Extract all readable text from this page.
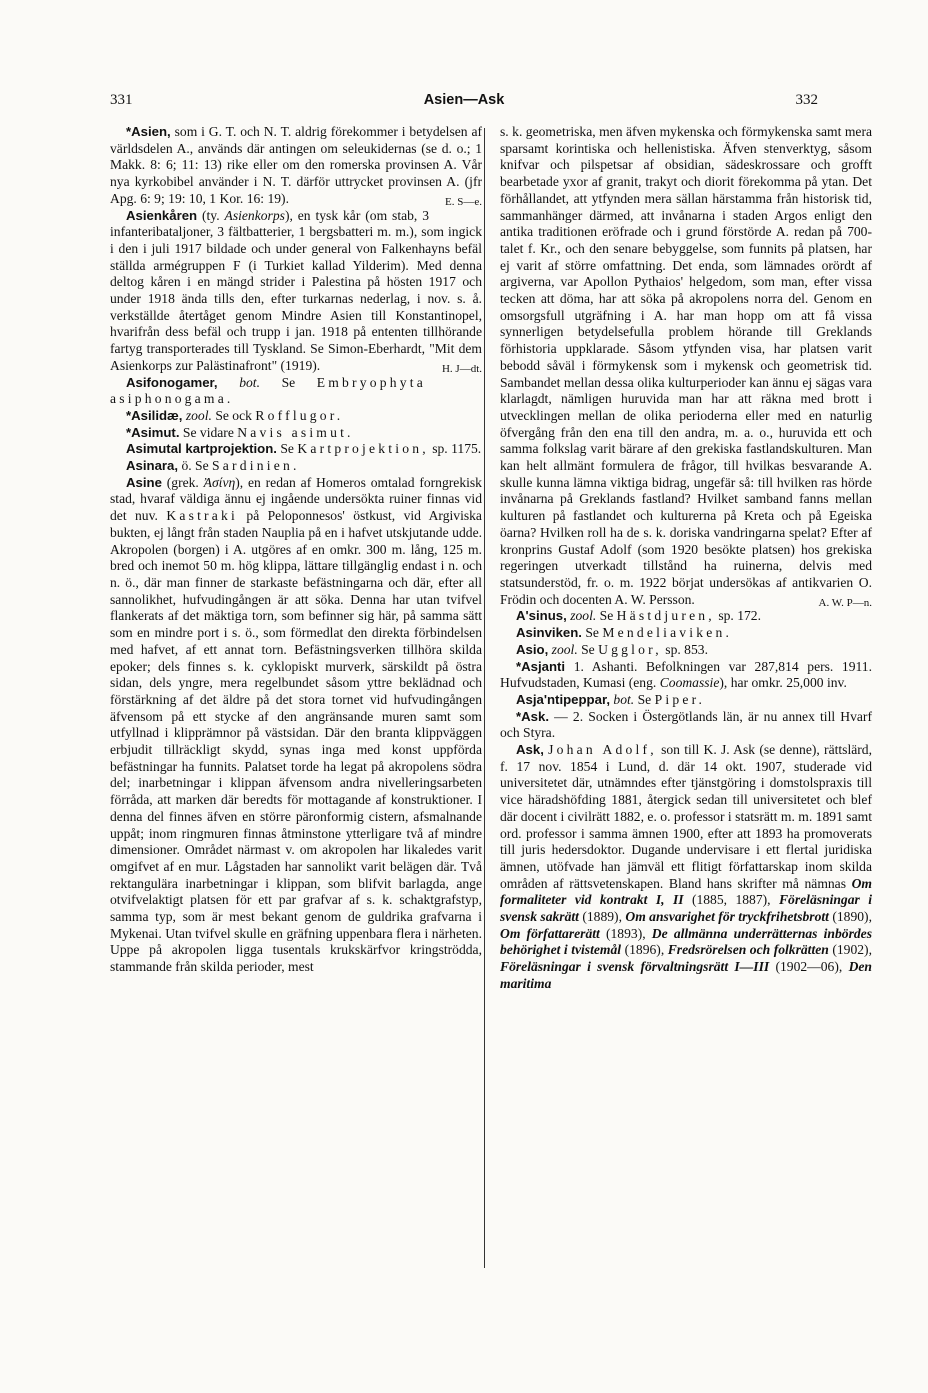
331	Asien—Ask	332

*Asien, som i G. T. och N. T. aldrig förekommer i betydelsen af världsdelen A., används där antingen om seleukidernas (se d. o.; 1 Makk. 8: 6; 11: 13) rike eller om den romerska provinsen A. Vår nya kyrkobibel använder i N. T. därför uttrycket provinsen A. (jfr Apg. 6: 9; 19: 10, 1 Kor. 16: 19).	E. S—e.

Asienkåren (ty. Asienkorps), en tysk kår (om stab, 3 infanteribataljoner, 3 fältbatterier, 1 bergsbatteri m. m.), som ingick i den i juli 1917 bildade och under general von Falkenhayns befäl ställda armégruppen F (i Turkiet kallad Yilderim). Med denna deltog kåren i en mängd strider i Palestina på hösten 1917 och under 1918 ända tills den, efter turkarnas nederlag, i nov. s. å. verkställde återtåget genom Mindre Asien till Konstantinopel, hvarifrån dess befäl och trupp i jan. 1918 på ententen tillhörande fartyg transporterades till Tyskland. Se Simon-Eberhardt, "Mit dem Asienkorps zur Palästinafront" (1919).	H. J—dt.

Asifonogamer, bot. Se Embryophyta asiphonogama.

*Asilidæ, zool. Se ock Rofflugor.

*Asimut. Se vidare Navis asimut.

Asimutal kartprojektion. Se Kartprojektion, sp. 1175.

Asinara, ö. Se Sardinien.

Asine (grek. Ἀσίνη), en redan af Homeros omtalad forngrekisk stad, hvaraf väldiga ännu ej ingående undersökta ruiner finnas vid det nuv. Kastraki på Peloponnesos' östkust, vid Argiviska bukten, ej långt från staden Nauplia på en i hafvet utskjutande udde. Akropolen (borgen) i A. utgöres af en omkr. 300 m. lång, 125 m. bred och inemot 50 m. hög klippa, lättare tillgänglig endast i n. och n. ö., där man finner de starkaste befästningarna och där, efter all sannolikhet, hufvudingången är att söka. Denna har utan tvifvel flankerats af det mäktiga torn, som befinner sig här, på samma sätt som en mindre port i s. ö., som förmedlat den direkta förbindelsen med hafvet, af ett annat torn. Befästningsverken tillhöra skilda epoker; dels finnes s. k. cyklopiskt murverk, särskildt på östra sidan, dels yngre, mera regelbundet såsom yttre beklädnad och förstärkning af det äldre på det stora tornet vid hufvudingången äfvensom på ett stycke af den angränsande muren samt som utfyllnad i klipprämnor på västsidan. Där den branta klippväggen erbjudit tillräckligt skydd, synas inga med konst uppförda befästningar ha funnits. Palatset torde ha legat på akropolens södra del; inarbetningar i klippan äfvensom andra nivelleringsarbeten förråda, att marken där beredts för mottagande af konstruktioner. I denna del finnes äfven en större päronformig cistern, afsmalnande uppåt; inom ringmuren finnas åtminstone ytterligare två af mindre dimensioner. Området närmast v. om akropolen har likaledes varit omgifvet af en mur. Lågstaden har sannolikt varit belägen där. Två rektangulära inarbetningar i klippan, som blifvit barlagda, ange otvifvelaktigt platsen för ett par grafvar af s. k. schaktgrafstyp, samma typ, som är mest bekant genom de guldrika grafvarna i Mykenai. Utan tvifvel skulle en gräfning uppenbara flera i närheten. Uppe på akropolen ligga tusentals krukskärfvor kringströdda, stammande från skilda perioder, mest

s. k. geometriska, men äfven mykenska och förmykenska samt mera sparsamt korintiska och hellenistiska. Äfven stenverktyg, såsom knifvar och pilspetsar af obsidian, sädeskrossare och grofft bearbetade yxor af granit, trakyt och diorit förekomma på ytan. Det förhållandet, att ytfynden mera sällan härstamma från historisk tid, sammanhänger därmed, att invånarna i staden Argos enligt den antika traditionen eröfrade och i grund förstörde A. redan på 700-talet f. Kr., och den senare bebyggelse, som funnits på platsen, har ej varit af större omfattning. Det enda, som lämnades orördt af argiverna, var Apollon Pythaios' helgedom, som man, efter vissa tecken att döma, har att söka på akropolens norra del. Genom en omsorgsfull utgräfning i A. har man hopp om att få vissa synnerligen betydelsefulla problem hörande till Greklands förhistoria uppklarade. Såsom ytfynden visa, har platsen varit bebodd såväl i förmykensk som i mykensk och geometrisk tid. Sambandet mellan dessa olika kulturperioder kan ännu ej sägas vara klarlagdt, nämligen huruvida man har att räkna med brott i utvecklingen mellan de olika perioderna eller med en naturlig öfvergång från den ena till den andra, m. a. o., huruvida ett och samma folkslag varit bärare af den grekiska fastlandskulturen. Man kan helt allmänt formulera de frågor, till hvilkas besvarande A. skulle kunna lämna viktiga bidrag, ungefär så: till hvilken ras hörde invånarna på Greklands fastland? Hvilket samband fanns mellan kulturen på fastlandet och kulturerna på Kreta och på Egeiska öarna? Hvilken roll ha de s. k. doriska vandringarna spelat? Efter af kronprins Gustaf Adolf (som 1920 besökte platsen) hos grekiska regeringen utverkadt tillstånd ha ruinerna, delvis med statsunderstöd, fr. o. m. 1922 börjat undersökas af antikvarien O. Frödin och docenten A. W. Persson.	A. W. P—n.

A'sinus, zool. Se Hästdjuren, sp. 172.

Asinviken. Se Mendeliaviken.

Asio, zool. Se Ugglor, sp. 853.

*Asjanti 1. Ashanti. Befolkningen var 287,814 pers. 1911. Hufvudstaden, Kumasi (eng. Coomassie), har omkr. 25,000 inv.

Asja'ntipeppar, bot. Se Piper.

*Ask. — 2. Socken i Östergötlands län, är nu annex till Hvarf och Styra.

Ask, Johan Adolf, son till K. J. Ask (se denne), rättslärd, f. 17 nov. 1854 i Lund, d. där 14 okt. 1907, studerade vid universitetet där, utnämndes efter tjänstgöring i domstolspraxis till vice häradshöfding 1881, återgick sedan till universitetet och blef där docent i civilrätt 1882, e. o. professor i statsrätt m. m. 1891 samt ord. professor i samma ämnen 1900, efter att 1893 ha promoverats till juris hedersdoktor. Dugande undervisare i ett flertal juridiska ämnen, utöfvade han jämväl ett flitigt författarskap inom skilda områden af rättsvetenskapen. Bland hans skrifter må nämnas Om formaliteter vid kontrakt I, II (1885, 1887), Föreläsningar i svensk sakrätt (1889), Om ansvarighet för tryckfrihetsbrott (1890), Om författarerätt (1893), De allmänna underrätternas inbördes behörighet i tvistemål (1896), Fredsrörelsen och folkrätten (1902), Föreläsningar i svensk förvaltningsrätt I—III (1902—06), Den maritima
